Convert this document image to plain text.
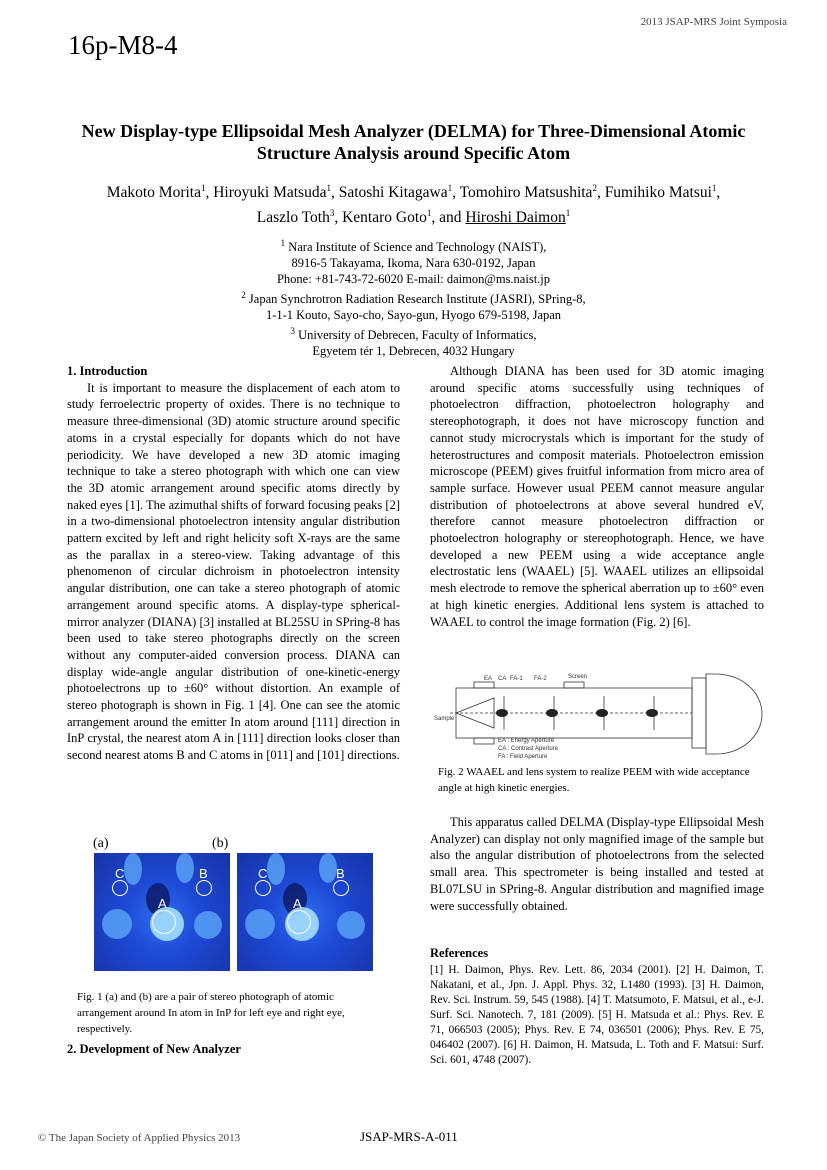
2013 JSAP-MRS Joint Symposia
16p-M8-4
New Display-type Ellipsoidal Mesh Analyzer (DELMA) for Three-Dimensional Atomic Structure Analysis around Specific Atom
Makoto Morita$^1$, Hiroyuki Matsuda$^1$, Satoshi Kitagawa$^1$, Tomohiro Matsushita$^2$, Fumihiko Matsui$^1$,
Laszlo Toth$^3$, Kentaro Goto$^1$, and Hiroshi Daimon$^1$
$^1$ Nara Institute of Science and Technology (NAIST),
8916-5 Takayama, Ikoma, Nara 630-0192, Japan
Phone: +81-743-72-6020 E-mail: daimon@ms.naist.jp
$^2$ Japan Synchrotron Radiation Research Institute (JASRI), SPring-8,
1-1-1 Kouto, Sayo-cho, Sayo-gun, Hyogo 679-5198, Japan
$^3$ University of Debrecen, Faculty of Informatics,
Egyetem tér 1, Debrecen, 4032 Hungary

1. Introduction

It is important to measure the displacement of each atom to study ferroelectric property of oxides. There is no technique to measure three-dimensional (3D) atomic structure around specific atoms in a crystal especially for dopants which do not have periodicity. We have developed a new 3D atomic imaging technique to take a stereo photograph with which one can view the 3D atomic arrangement around specific atoms directly by naked eyes [1]. The azimuthal shifts of forward focusing peaks [2] in a two-dimensional photoelectron intensity angular distribution pattern excited by left and right helicity soft X-rays are the same as the parallax in a stereo-view. Taking advantage of this phenomenon of circular dichroism in photoelectron intensity angular distribution, one can take a stereo photograph of atomic arrangement around specific atoms. A display-type spherical-mirror analyzer (DIANA) [3] installed at BL25SU in SPring-8 has been used to take stereo photographs directly on the screen without any computer-aided conversion process. DIANA can display wide-angle angular distribution of one-kinetic-energy photoelectrons up to ±60° without distortion. An example of stereo photograph is shown in Fig. 1 [4]. One can see the atomic arrangement around the emitter In atom around [111] direction in InP crystal, the nearest atom A in [111] direction looks closer than second nearest atoms B and C atoms in [011] and [101] directions.

(a)	(b)
C	B
A
C	B
A
Fig. 1 (a) and (b) are a pair of stereo photograph of atomic arrangement around In atom in InP for left eye and right eye, respectively.
2. Development of New Analyzer

Although DIANA has been used for 3D atomic imaging around specific atoms successfully using techniques of photoelectron diffraction, photoelectron holography and stereophotograph, it does not have microscopy function and cannot study microcrystals which is important for the study of heterostructures and composit materials. Photoelectron emission microscope (PEEM) gives fruitful information from micro area of sample surface. However usual PEEM cannot measure angular distribution of photoelectrons at above several hundred eV, therefore cannot measure photoelectron diffraction or photoelectron holography or stereophotograph. Hence, we have developed a new PEEM using a wide acceptance angle electrostatic lens (WAAEL) [5]. WAAEL utilizes an ellipsoidal mesh electrode to remove the spherical aberration up to ±60° even at high kinetic energies. Additional lens system is attached to WAAEL to control the image formation (Fig. 2) [6].

EA CA FA-1 FA-2	Screen
Sample
EA : Energy Aperture
CA : Contrast Aperture
FA : Field Aperture
Fig. 2 WAAEL and lens system to realize PEEM with wide acceptance angle at high kinetic energies.

This apparatus called DELMA (Display-type Ellipsoidal Mesh Analyzer) can display not only magnified image of the sample but also the angular distribution of photoelectrons from the selected small area. This spectrometer is being installed and tested at BL07LSU in SPring-8. Angular distribution and magnified image were successfully obtained.

References
[1] H. Daimon, Phys. Rev. Lett. 86, 2034 (2001). [2] H. Daimon, T. Nakatani, et al., Jpn. J. Appl. Phys. 32, L1480 (1993). [3] H. Daimon, Rev. Sci. Instrum. 59, 545 (1988). [4] T. Matsumoto, F. Matsui, et al., e-J. Surf. Sci. Nanotech. 7, 181 (2009). [5] H. Matsuda et al.: Phys. Rev. E 71, 066503 (2005); Phys. Rev. E 74, 036501 (2006); Phys. Rev. E 75, 046402 (2007). [6] H. Daimon, H. Matsuda, L. Toth and F. Matsui: Surf. Sci. 601, 4748 (2007).
© The Japan Society of Applied Physics 2013	JSAP-MRS-A-011
